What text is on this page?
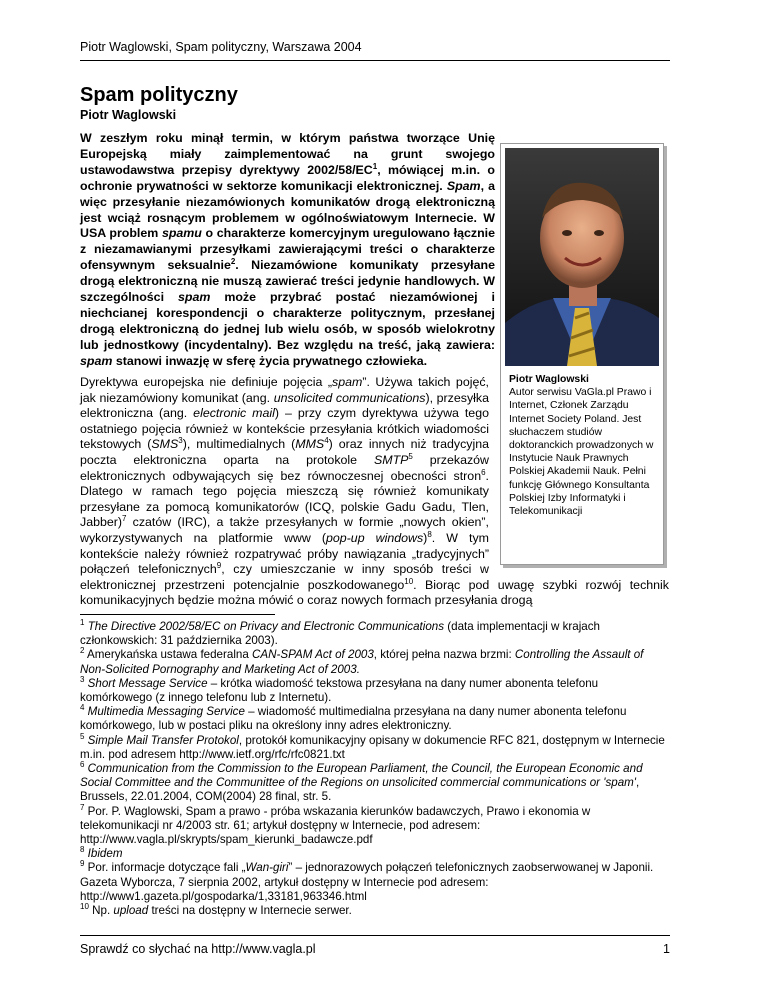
Piotr Waglowski, Spam polityczny, Warszawa 2004
Spam polityczny
Piotr Waglowski

W zeszłym roku minął termin, w którym państwa tworzące Unię Europejską miały zaimplementować na grunt swojego ustawodawstwa przepisy dyrektywy $2002/58/EC^1$, mówiącej m.in. o ochronie prywatności w sektorze komunikacji elektronicznej. Spam, a więc przesyłanie niezamówionych komunikatów drogą elektroniczną jest wciąż rosnącym problemem w ogólnoświatowym Internecie. W USA problem spamu o charakterze komercyjnym uregulowano łącznie z niezamawianymi przesyłkami zawierającymi treści o charakterze ofensywnym seksualnie$^2$. Niezamówione komunikaty przesyłane drogą elektroniczną nie muszą zawierać treści jedynie handlowych. W szczególności spam może przybrać postać niezamówionej i niechcianej korespondencji o charakterze politycznym, przesłanej drogą elektroniczną do jednej lub wielu osób, w sposób wielokrotny lub jednostkowy (incydentalny). Bez względu na treść, jaką zawiera: spam stanowi inwazję w sferę życia prywatnego człowieka.

Piotr Waglowski
Autor serwisu VaGla.pl Prawo i Internet, Członek Zarządu Internet Society Poland. Jest słuchaczem studiów doktoranckich prowadzonych w Instytucie Nauk Prawnych Polskiej Akademii Nauk. Pełni funkcję Głównego Konsultanta Polskiej Izby Informatyki i Telekomunikacji

Dyrektywa europejska nie definiuje pojęcia „spam”. Używa takich pojęć, jak niezamówiony komunikat (ang. unsolicited communications), przesyłka elektroniczna (ang. electronic mail) – przy czym dyrektywa używa tego ostatniego pojęcia również w kontekście przesyłania krótkich wiadomości tekstowych (SMS$^3$), multimedialnych (MMS$^4$) oraz innych niż tradycyjna poczta elektroniczna oparta na protokole SMTP$^5$ przekazów elektronicznych odbywających się bez równoczesnej obecności stron$^6$. Dlatego w ramach tego pojęcia mieszczą się również komunikaty przesyłane za pomocą komunikatorów (ICQ, polskie Gadu Gadu, Tlen, Jabber)$^7$ czatów (IRC), a także przesyłanych w formie „nowych okien”, wykorzystywanych na platformie www (pop-up windows)$^8$. W tym kontekście należy również rozpatrywać próby nawiązania „tradycyjnych” połączeń telefonicznych$^9$, czy umieszczanie w inny sposób treści w elektronicznej przestrzeni potencjalnie poszkodowanego$^{10}$. Biorąc pod uwagę szybki rozwój technik komunikacyjnych będzie można mówić o coraz nowych formach przesyłania drogą

$^1$ The Directive 2002/58/EC on Privacy and Electronic Communications (data implementacji w krajach członkowskich: 31 października 2003).

$^2$ Amerykańska ustawa federalna CAN-SPAM Act of 2003, której pełna nazwa brzmi: Controlling the Assault of Non-Solicited Pornography and Marketing Act of 2003.

$^3$ Short Message Service – krótka wiadomość tekstowa przesyłana na dany numer abonenta telefonu komórkowego (z innego telefonu lub z Internetu).

$^4$ Multimedia Messaging Service – wiadomość multimedialna przesyłana na dany numer abonenta telefonu komórkowego, lub w postaci pliku na określony inny adres elektroniczny.

$^5$ Simple Mail Transfer Protokol, protokół komunikacyjny opisany w dokumencie RFC 821, dostępnym w Internecie m.in. pod adresem http://www.ietf.org/rfc/rfc0821.txt

$^6$ Communication from the Commission to the European Parliament, the Council, the European Economic and Social Committee and the Communittee of the Regions on unsolicited commercial communications or 'spam', Brussels, 22.01.2004, COM(2004) 28 final, str. 5.

$^7$ Por. P. Waglowski, Spam a prawo - próba wskazania kierunków badawczych, Prawo i ekonomia w telekomunikacji nr 4/2003 str. 61; artykuł dostępny w Internecie, pod adresem: http://www.vagla.pl/skrypts/spam_kierunki_badawcze.pdf

$^8$ Ibidem

$^9$ Por. informacje dotyczące fali „Wan-giri” – jednorazowych połączeń telefonicznych zaobserwowanej w Japonii. Gazeta Wyborcza, 7 sierpnia 2002, artykuł dostępny w Internecie pod adresem: http://www1.gazeta.pl/gospodarka/1,33181,963346.html

$^{10}$ Np. upload treści na dostępny w Internecie serwer.

Sprawdź co słychać na http://www.vagla.pl	1
